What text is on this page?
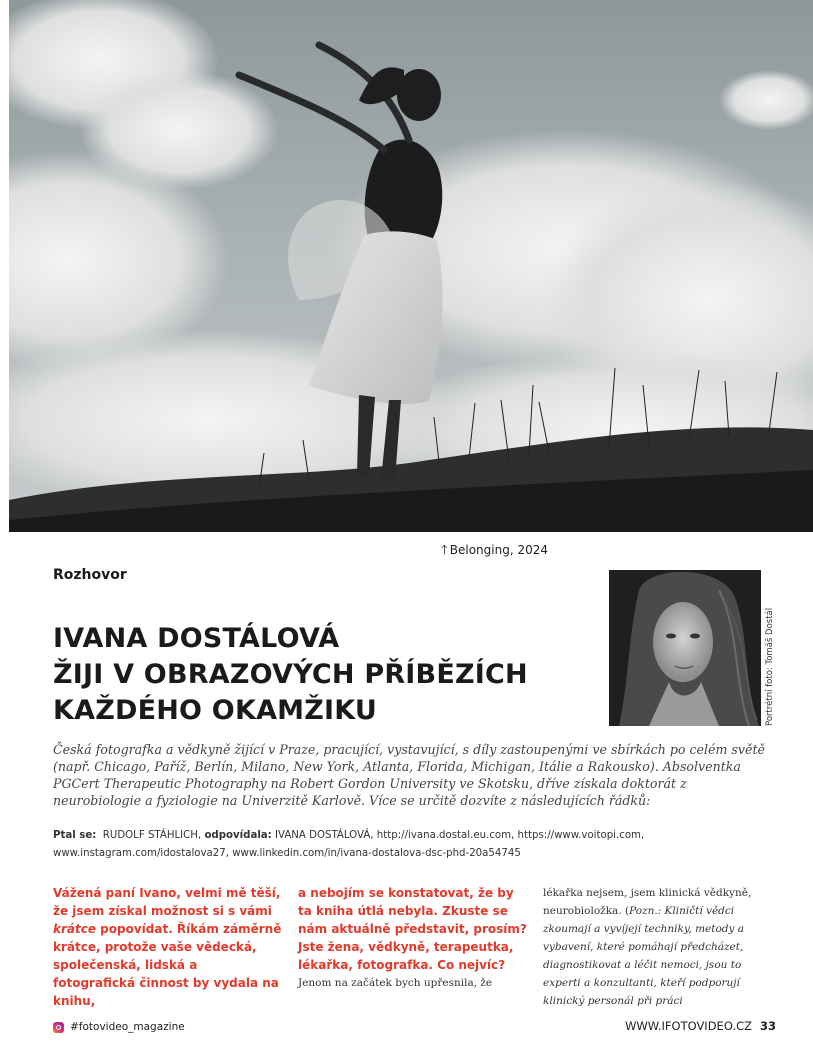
🡑 Belonging, 2024
Rozhovor
IVANA DOSTÁLOVÁ
ŽIJI V OBRAZOVÝCH PŘÍBĚZÍCH
KAŽDÉHO OKAMŽIKU	Portrétní foto: Tomáš Dostál
Česká fotografka a vědkyně žijící v Praze, pracující, vystavující, s díly zastoupenými ve sbírkách po celém světě (např. Chicago, Paříž, Berlín, Milano, New York, Atlanta, Florida, Michigan, Itálie a Rakousko). Absolventka PGCert Therapeutic Photography na Robert Gordon University ve Skotsku, dříve získala doktorát z neurobiologie a fyziologie na Univerzitě Karlově. Více se určitě dozvíte z následujících řádků:
Ptal se: RUDOLF STÁHLICH, odpovídala: IVANA DOSTÁLOVÁ, http://ivana.dostal.eu.com, https://www.voitopi.com, www.instagram.com/idostalova27, www.linkedin.com/in/ivana-dostalova-dsc-phd-20a54745
Vážená paní Ivano, velmi mě těší, že jsem získal možnost si s vámi krátce popovídat. Říkám záměrně krátce, protože vaše vědecká, společenská, lidská a fotografická činnost by vydala na knihu,
a nebojím se konstatovat, že by ta kniha útlá nebyla. Zkuste se nám aktuálně představit, prosím? Jste žena, vědkyně, terapeutka, lékařka, fotografka. Co nejvíc?
Jenom na začátek bych upřesnila, že
lékařka nejsem, jsem klinická vědkyně, neurobioložka. (Pozn.: Kliničtí vědci zkoumají a vyvíjejí techniky, metody a vybavení, které pomáhají předcházet, diagnostikovat a léčit nemoci, jsou to experti a konzultanti, kteří podporují klinický personál při práci
#fotovideo_magazine	WWW.IFOTOVIDEO.CZ 33
